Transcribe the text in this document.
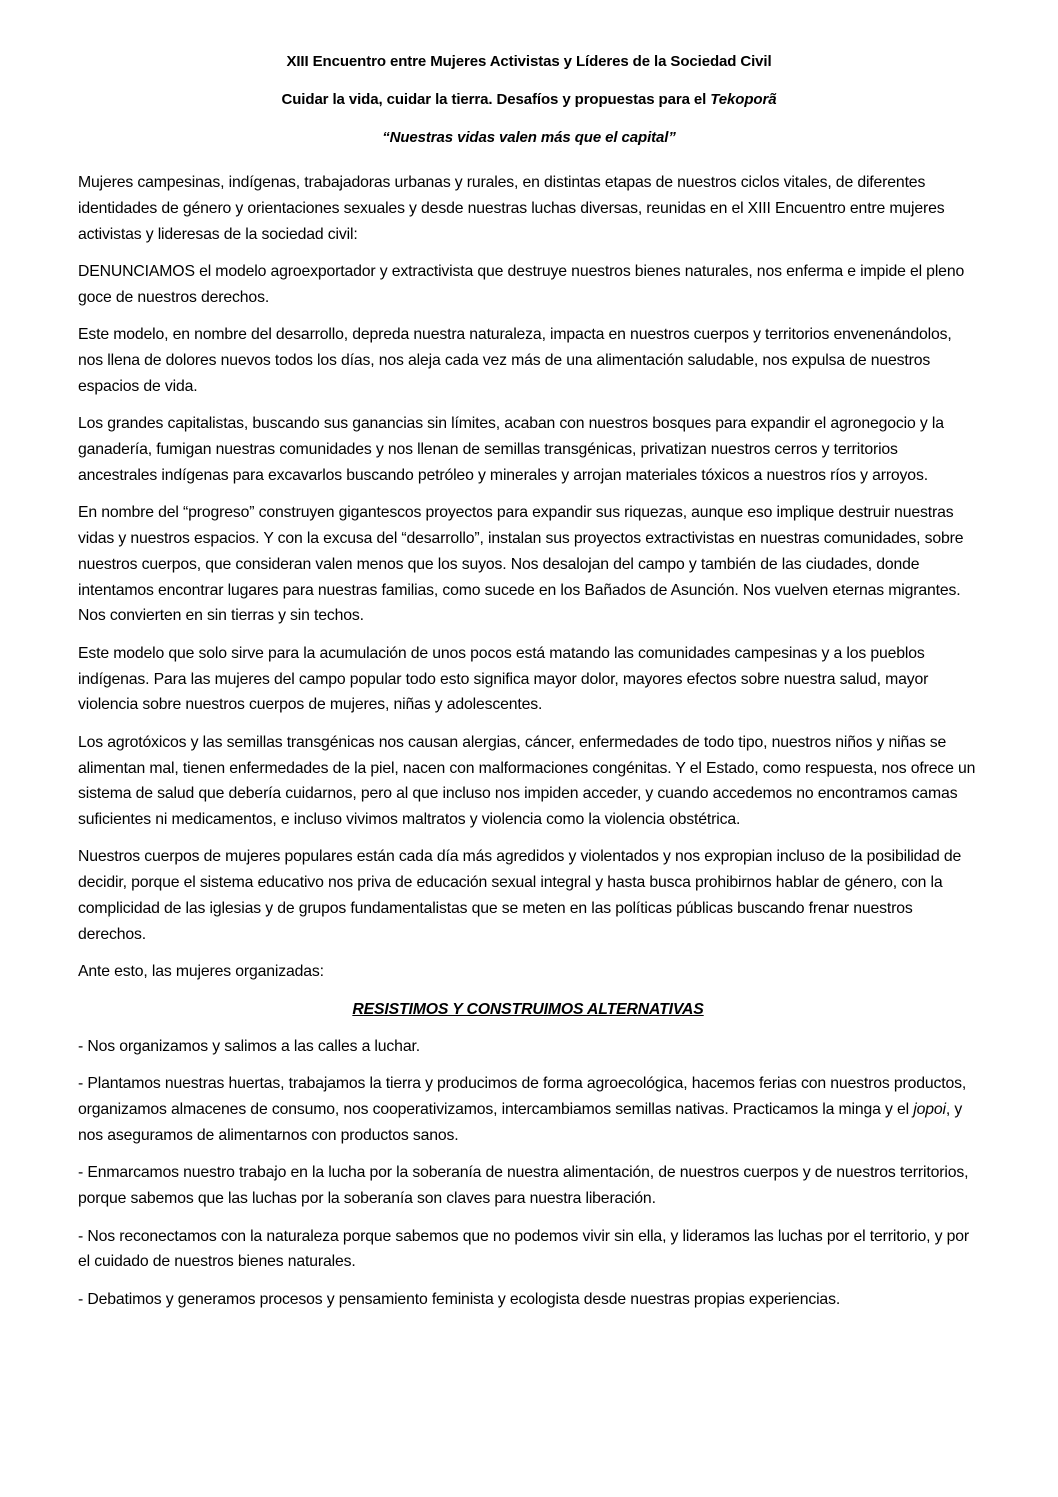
XIII Encuentro entre Mujeres Activistas y Líderes de la Sociedad Civil
Cuidar la vida, cuidar la tierra. Desafíos y propuestas para el Tekoporã
“Nuestras vidas valen más que el capital”

Mujeres campesinas, indígenas, trabajadoras urbanas y rurales, en distintas etapas de nuestros ciclos vitales, de diferentes identidades de género y orientaciones sexuales y desde nuestras luchas diversas, reunidas en el XIII Encuentro entre mujeres activistas y lideresas de la sociedad civil:

DENUNCIAMOS el modelo agroexportador y extractivista que destruye nuestros bienes naturales, nos enferma e impide el pleno goce de nuestros derechos.

Este modelo, en nombre del desarrollo, depreda nuestra naturaleza, impacta en nuestros cuerpos y territorios envenenándolos, nos llena de dolores nuevos todos los días, nos aleja cada vez más de una alimentación saludable, nos expulsa de nuestros espacios de vida.

Los grandes capitalistas, buscando sus ganancias sin límites, acaban con nuestros bosques para expandir el agronegocio y la ganadería, fumigan nuestras comunidades y nos llenan de semillas transgénicas, privatizan nuestros cerros y territorios ancestrales indígenas para excavarlos buscando petróleo y minerales y arrojan materiales tóxicos a nuestros ríos y arroyos.

En nombre del “progreso” construyen gigantescos proyectos para expandir sus riquezas, aunque eso implique destruir nuestras vidas y nuestros espacios. Y con la excusa del “desarrollo”, instalan sus proyectos extractivistas en nuestras comunidades, sobre nuestros cuerpos, que consideran valen menos que los suyos. Nos desalojan del campo y también de las ciudades, donde intentamos encontrar lugares para nuestras familias, como sucede en los Bañados de Asunción. Nos vuelven eternas migrantes. Nos convierten en sin tierras y sin techos.

Este modelo que solo sirve para la acumulación de unos pocos está matando las comunidades campesinas y a los pueblos indígenas. Para las mujeres del campo popular todo esto significa mayor dolor, mayores efectos sobre nuestra salud, mayor violencia sobre nuestros cuerpos de mujeres, niñas y adolescentes.

Los agrotóxicos y las semillas transgénicas nos causan alergias, cáncer, enfermedades de todo tipo, nuestros niños y niñas se alimentan mal, tienen enfermedades de la piel, nacen con malformaciones congénitas. Y el Estado, como respuesta, nos ofrece un sistema de salud que debería cuidarnos, pero al que incluso nos impiden acceder, y cuando accedemos no encontramos camas suficientes ni medicamentos, e incluso vivimos maltratos y violencia como la violencia obstétrica.

Nuestros cuerpos de mujeres populares están cada día más agredidos y violentados y nos expropian incluso de la posibilidad de decidir, porque el sistema educativo nos priva de educación sexual integral y hasta busca prohibirnos hablar de género, con la complicidad de las iglesias y de grupos fundamentalistas que se meten en las políticas públicas buscando frenar nuestros derechos.

Ante esto, las mujeres organizadas:

RESISTIMOS Y CONSTRUIMOS ALTERNATIVAS

- Nos organizamos y salimos a las calles a luchar.

- Plantamos nuestras huertas, trabajamos la tierra y producimos de forma agroecológica, hacemos ferias con nuestros productos, organizamos almacenes de consumo, nos cooperativizamos, intercambiamos semillas nativas. Practicamos la minga y el jopoi, y nos aseguramos de alimentarnos con productos sanos.

- Enmarcamos nuestro trabajo en la lucha por la soberanía de nuestra alimentación, de nuestros cuerpos y de nuestros territorios, porque sabemos que las luchas por la soberanía son claves para nuestra liberación.

- Nos reconectamos con la naturaleza porque sabemos que no podemos vivir sin ella, y lideramos las luchas por el territorio, y por el cuidado de nuestros bienes naturales.

- Debatimos y generamos procesos y pensamiento feminista y ecologista desde nuestras propias experiencias.
